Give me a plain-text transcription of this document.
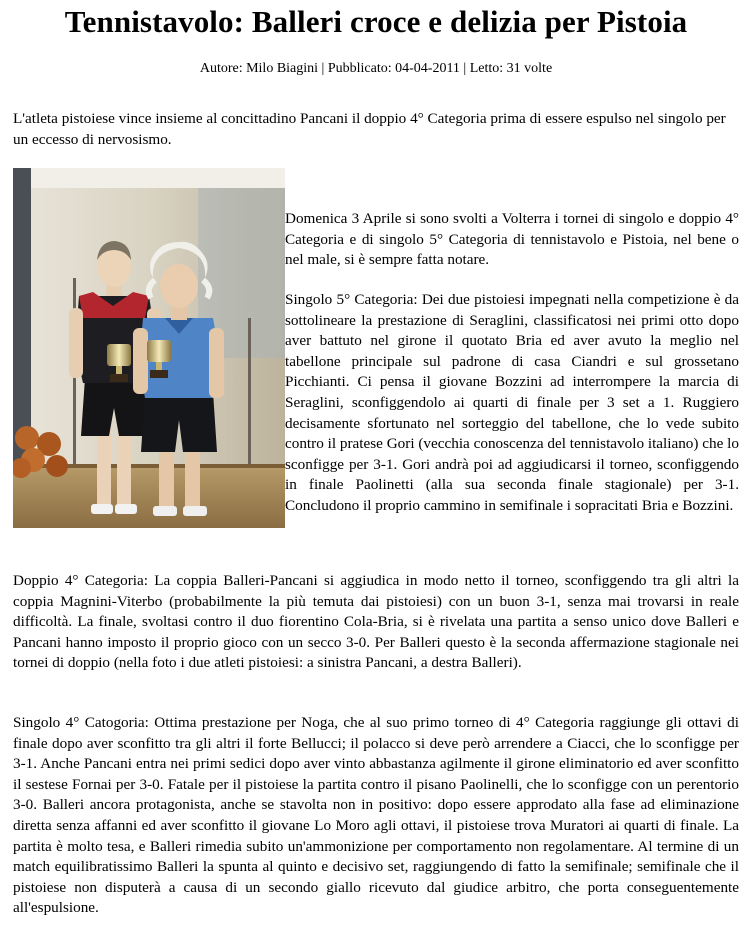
Tennistavolo: Balleri croce e delizia per Pistoia
Autore: Milo Biagini | Pubblicato: 04-04-2011 | Letto: 31 volte

L'atleta pistoiese vince insieme al concittadino Pancani il doppio 4° Categoria prima di essere espulso nel singolo per un eccesso di nervosismo.

Domenica 3 Aprile si sono svolti a Volterra i tornei di singolo e doppio 4° Categoria e di singolo 5° Categoria di tennistavolo e Pistoia, nel bene o nel male, si è sempre fatta notare.

Singolo 5° Categoria: Dei due pistoiesi impegnati nella competizione è da sottolineare la prestazione di Seraglini, classificatosi nei primi otto dopo aver battuto nel girone il quotato Bria ed aver avuto la meglio nel tabellone principale sul padrone di casa Ciandri e sul grossetano Picchianti. Ci pensa il giovane Bozzini ad interrompere la marcia di Seraglini, sconfiggendolo ai quarti di finale per 3 set a 1. Ruggiero decisamente sfortunato nel sorteggio del tabellone, che lo vede subito contro il pratese Gori (vecchia conoscenza del tennistavolo italiano) che lo sconfigge per 3-1. Gori andrà poi ad aggiudicarsi il torneo, sconfiggendo in finale Paolinetti (alla sua seconda finale stagionale) per 3-1. Concludono il proprio cammino in semifinale i sopracitati Bria e Bozzini.

Doppio 4° Categoria: La coppia Balleri-Pancani si aggiudica in modo netto il torneo, sconfiggendo tra gli altri la coppia Magnini-Viterbo (probabilmente la più temuta dai pistoiesi) con un buon 3-1, senza mai trovarsi in reale difficoltà. La finale, svoltasi contro il duo fiorentino Cola-Bria, si è rivelata una partita a senso unico dove Balleri e Pancani hanno imposto il proprio gioco con un secco 3-0. Per Balleri questo è la seconda affermazione stagionale nei tornei di doppio (nella foto i due atleti pistoiesi: a sinistra Pancani, a destra Balleri).

Singolo 4° Catogoria: Ottima prestazione per Noga, che al suo primo torneo di 4° Categoria raggiunge gli ottavi di finale dopo aver sconfitto tra gli altri il forte Bellucci; il polacco si deve però arrendere a Ciacci, che lo sconfigge per 3-1. Anche Pancani entra nei primi sedici dopo aver vinto abbastanza agilmente il girone eliminatorio ed aver sconfitto il sestese Fornai per 3-0. Fatale per il pistoiese la partita contro il pisano Paolinelli, che lo sconfigge con un perentorio 3-0. Balleri ancora protagonista, anche se stavolta non in positivo: dopo essere approdato alla fase ad eliminazione diretta senza affanni ed aver sconfitto il giovane Lo Moro agli ottavi, il pistoiese trova Muratori ai quarti di finale. La partita è molto tesa, e Balleri rimedia subito un'ammonizione per comportamento non regolamentare. Al termine di un match equilibratissimo Balleri la spunta al quinto e decisivo set, raggiungendo di fatto la semifinale; semifinale che il pistoiese non disputerà a causa di un secondo giallo ricevuto dal giudice arbitro, che porta conseguentemente all'espulsione.
